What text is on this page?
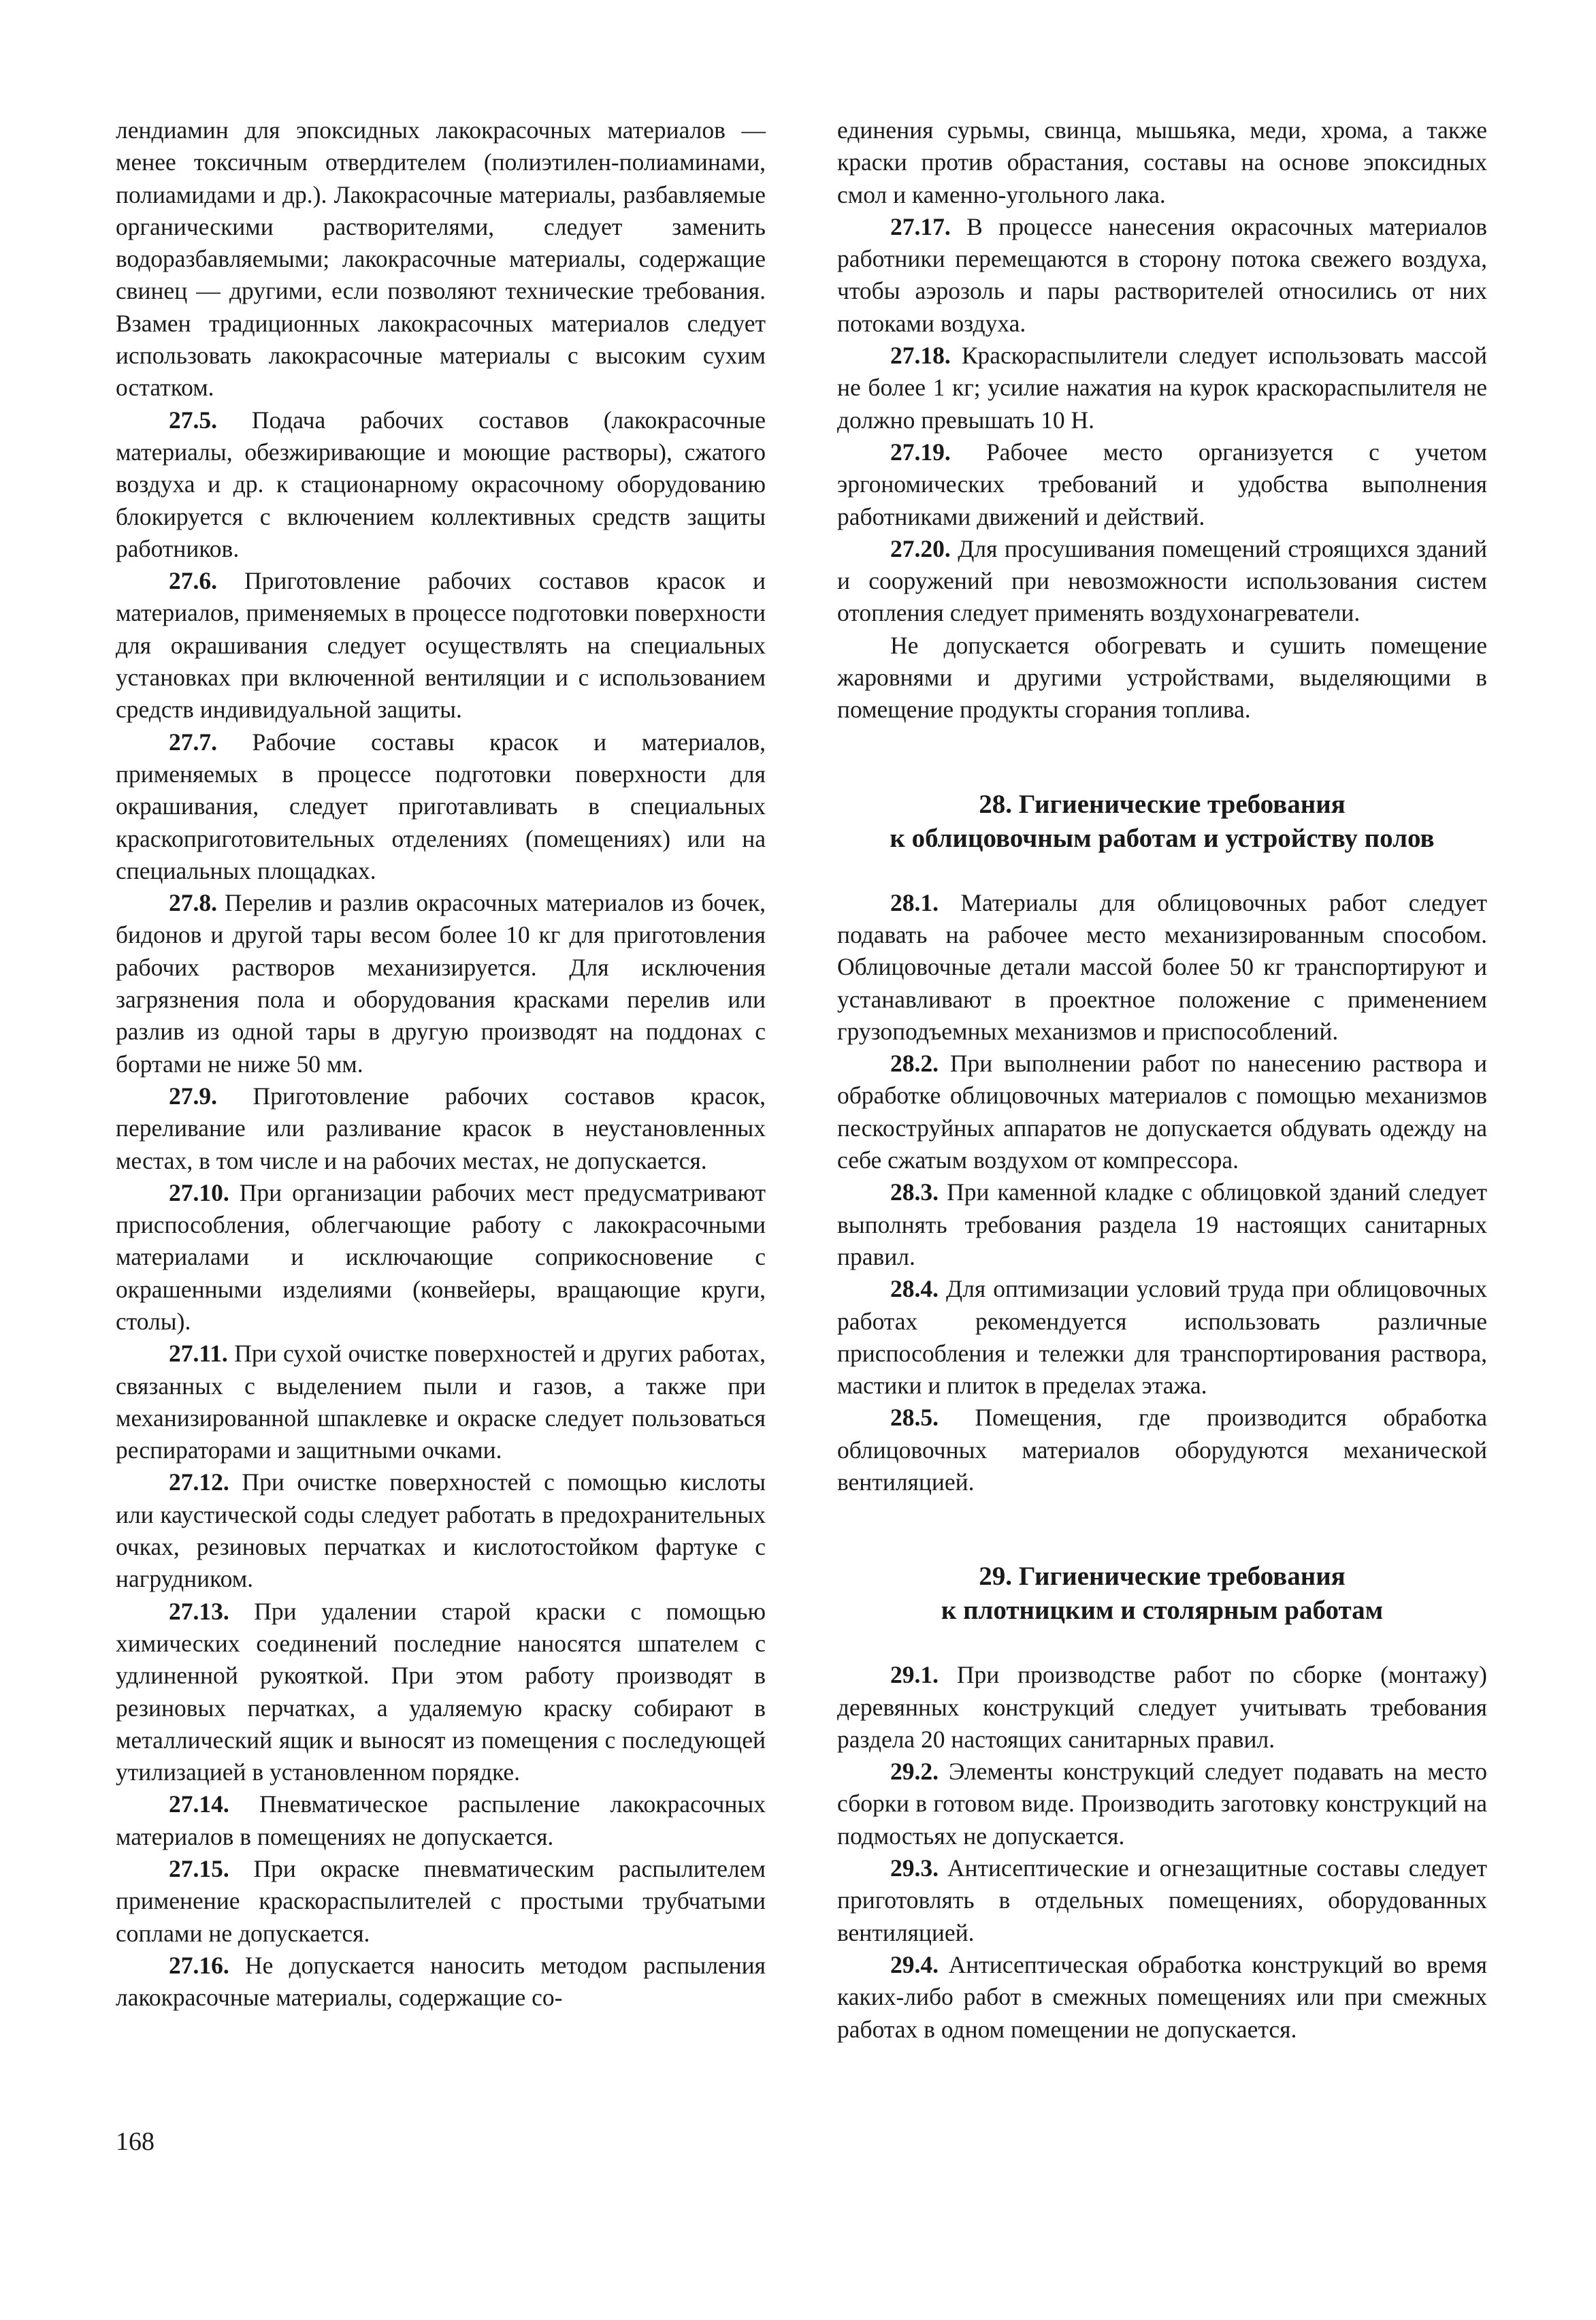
лендиамин для эпоксидных лакокрасочных материалов — менее токсичным отвердителем (полиэтилен-полиаминами, полиамидами и др.). Лакокрасочные материалы, разбавляемые органическими растворителями, следует заменить водоразбавляемыми; лакокрасочные материалы, содержащие свинец — другими, если позволяют технические требования. Взамен традиционных лакокрасочных материалов следует использовать лакокрасочные материалы с высоким сухим остатком.

27.5. Подача рабочих составов (лакокрасочные материалы, обезжиривающие и моющие растворы), сжатого воздуха и др. к стационарному окрасочному оборудованию блокируется с включением коллективных средств защиты работников.

27.6. Приготовление рабочих составов красок и материалов, применяемых в процессе подготовки поверхности для окрашивания следует осуществлять на специальных установках при включенной вентиляции и с использованием средств индивидуальной защиты.

27.7. Рабочие составы красок и материалов, применяемых в процессе подготовки поверхности для окрашивания, следует приготавливать в специальных краскоприготовительных отделениях (помещениях) или на специальных площадках.

27.8. Перелив и разлив окрасочных материалов из бочек, бидонов и другой тары весом более 10 кг для приготовления рабочих растворов механизируется. Для исключения загрязнения пола и оборудования красками перелив или разлив из одной тары в другую производят на поддонах с бортами не ниже 50 мм.

27.9. Приготовление рабочих составов красок, переливание или разливание красок в неустановленных местах, в том числе и на рабочих местах, не допускается.

27.10. При организации рабочих мест предусматривают приспособления, облегчающие работу с лакокрасочными материалами и исключающие соприкосновение с окрашенными изделиями (конвейеры, вращающие круги, столы).

27.11. При сухой очистке поверхностей и других работах, связанных с выделением пыли и газов, а также при механизированной шпаклевке и окраске следует пользоваться респираторами и защитными очками.

27.12. При очистке поверхностей с помощью кислоты или каустической соды следует работать в предохранительных очках, резиновых перчатках и кислотостойком фартуке с нагрудником.

27.13. При удалении старой краски с помощью химических соединений последние наносятся шпателем с удлиненной рукояткой. При этом работу производят в резиновых перчатках, а удаляемую краску собирают в металлический ящик и выносят из помещения с последующей утилизацией в установленном порядке.

27.14. Пневматическое распыление лакокрасочных материалов в помещениях не допускается.

27.15. При окраске пневматическим распылителем применение краскораспылителей с простыми трубчатыми соплами не допускается.

27.16. Не допускается наносить методом распыления лакокрасочные материалы, содержащие со-

единения сурьмы, свинца, мышьяка, меди, хрома, а также краски против обрастания, составы на основе эпоксидных смол и каменно-угольного лака.

27.17. В процессе нанесения окрасочных материалов работники перемещаются в сторону потока свежего воздуха, чтобы аэрозоль и пары растворителей относились от них потоками воздуха.

27.18. Краскораспылители следует использовать массой не более 1 кг; усилие нажатия на курок краскораспылителя не должно превышать 10 Н.

27.19. Рабочее место организуется с учетом эргономических требований и удобства выполнения работниками движений и действий.

27.20. Для просушивания помещений строящихся зданий и сооружений при невозможности использования систем отопления следует применять воздухонагреватели.

Не допускается обогревать и сушить помещение жаровнями и другими устройствами, выделяющими в помещение продукты сгорания топлива.

28. Гигиенические требования
к облицовочным работам и устройству полов

28.1. Материалы для облицовочных работ следует подавать на рабочее место механизированным способом. Облицовочные детали массой более 50 кг транспортируют и устанавливают в проектное положение с применением грузоподъемных механизмов и приспособлений.

28.2. При выполнении работ по нанесению раствора и обработке облицовочных материалов с помощью механизмов пескоструйных аппаратов не допускается обдувать одежду на себе сжатым воздухом от компрессора.

28.3. При каменной кладке с облицовкой зданий следует выполнять требования раздела 19 настоящих санитарных правил.

28.4. Для оптимизации условий труда при облицовочных работах рекомендуется использовать различные приспособления и тележки для транспортирования раствора, мастики и плиток в пределах этажа.

28.5. Помещения, где производится обработка облицовочных материалов оборудуются механической вентиляцией.

29. Гигиенические требования
к плотницким и столярным работам

29.1. При производстве работ по сборке (монтажу) деревянных конструкций следует учитывать требования раздела 20 настоящих санитарных правил.

29.2. Элементы конструкций следует подавать на место сборки в готовом виде. Производить заготовку конструкций на подмостьях не допускается.

29.3. Антисептические и огнезащитные составы следует приготовлять в отдельных помещениях, оборудованных вентиляцией.

29.4. Антисептическая обработка конструкций во время каких-либо работ в смежных помещениях или при смежных работах в одном помещении не допускается.

168
